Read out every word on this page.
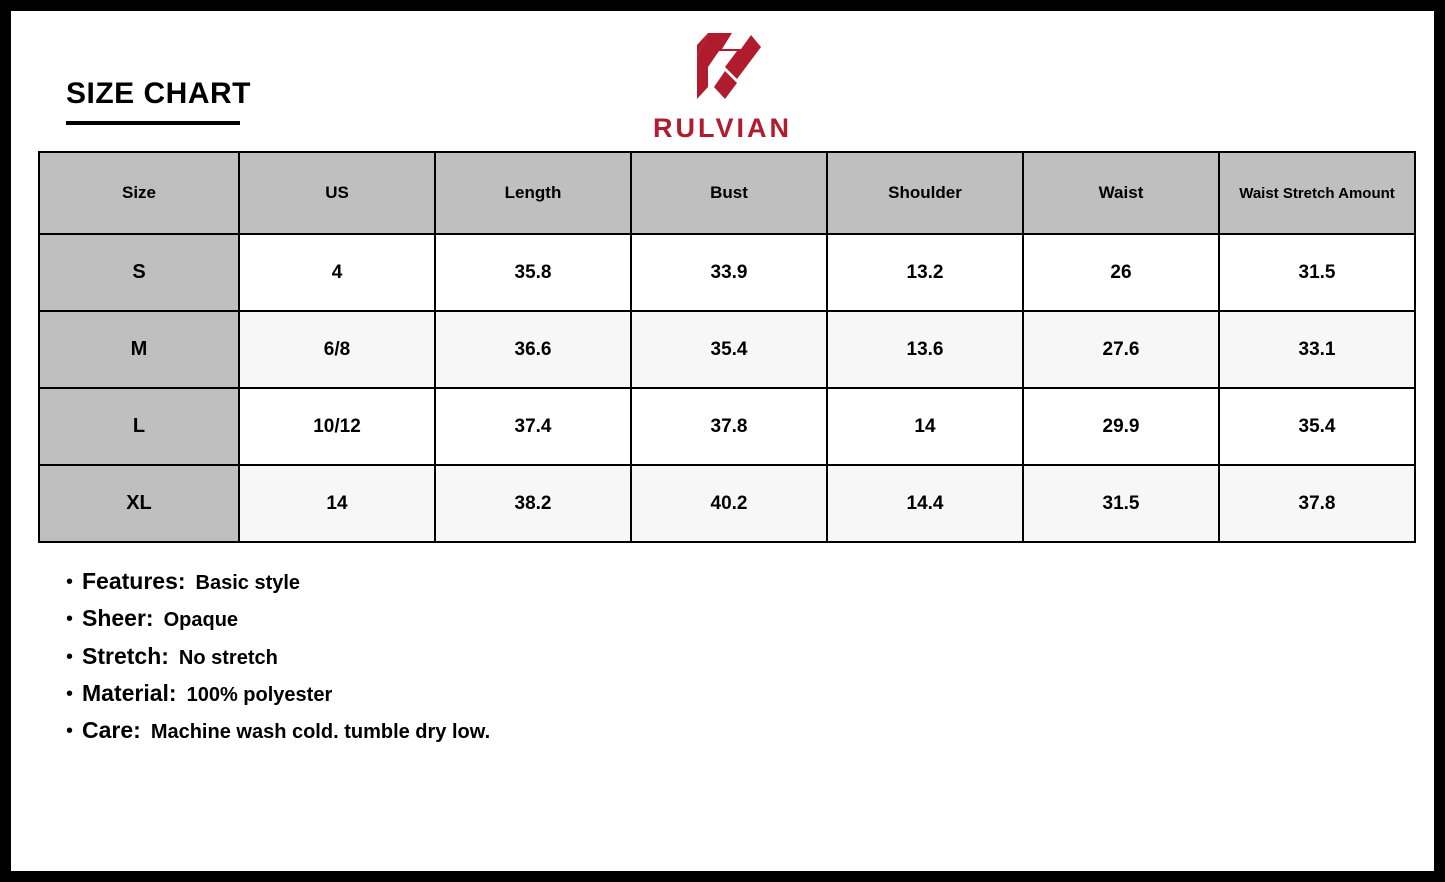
SIZE CHART
RULVIAN
Size	US	Length	Bust	Shoulder	Waist	Waist Stretch Amount
S	4	35.8	33.9	13.2	26	31.5
M	6/8	36.6	35.4	13.6	27.6	33.1
L	10/12	37.4	37.8	14	29.9	35.4
XL	14	38.2	40.2	14.4	31.5	37.8
• Features: Basic style
• Sheer: Opaque
• Stretch: No stretch
• Material: 100% polyester
• Care: Machine wash cold. tumble dry low.
